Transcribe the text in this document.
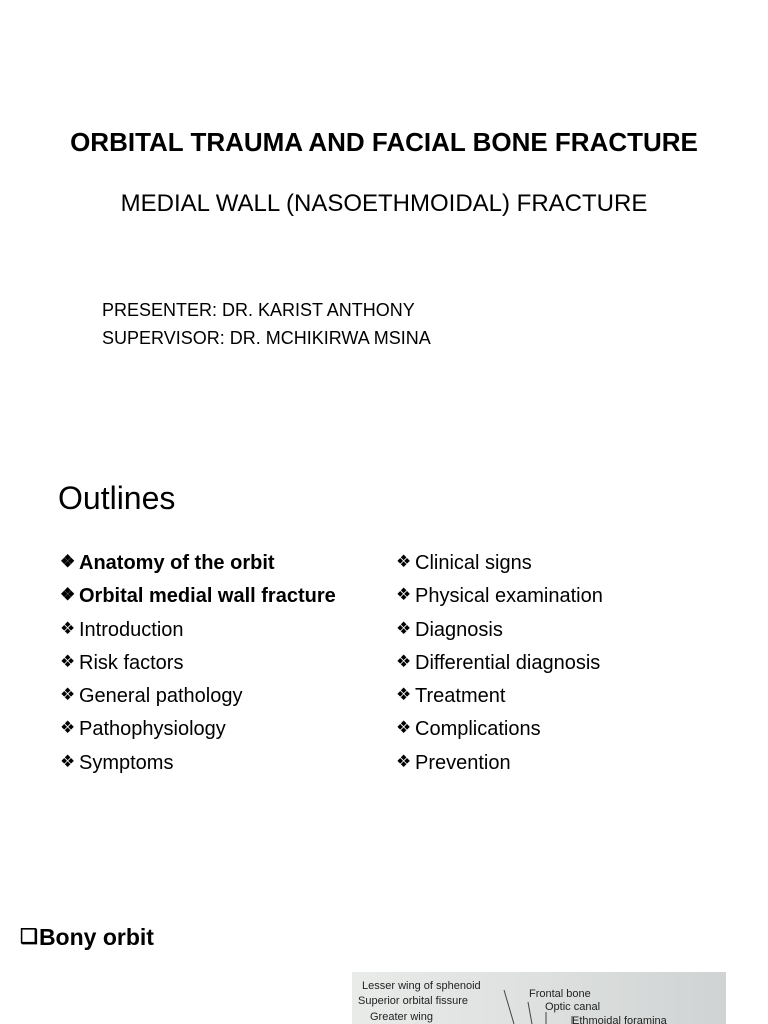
ORBITAL TRAUMA AND FACIAL BONE FRACTURE
MEDIAL WALL (NASOETHMOIDAL) FRACTURE
PRESENTER: DR. KARIST ANTHONY
SUPERVISOR: DR. MCHIKIRWA MSINA
Outlines
❖ Anatomy of the orbit
❖ Orbital medial wall fracture
❖ Introduction
❖ Risk factors
❖ General pathology
❖ Pathophysiology
❖ Symptoms
❖ Clinical signs
❖ Physical examination
❖ Diagnosis
❖ Differential diagnosis
❖ Treatment
❖ Complications
❖ Prevention
❑Bony orbit
Lesser wing of sphenoid
Superior orbital fissure
Greater wing
Frontal bone
Optic canal
Ethmoidal foramina
